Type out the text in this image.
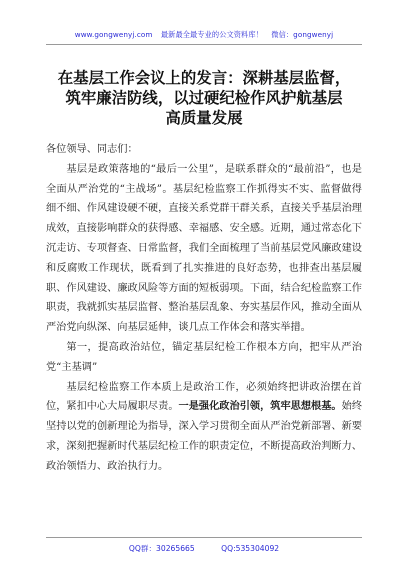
www.gongwenyj.com 最新最全最专业的公文资料库！ 微信：gongwenyj
在基层工作会议上的发言：深耕基层监督，
筑牢廉洁防线，以过硬纪检作风护航基层
高质量发展

各位领导、同志们：

基层是政策落地的“最后一公里”，是联系群众的“最前沿”，也是全面从严治党的“主战场”。基层纪检监察工作抓得实不实、监督做得细不细、作风建设硬不硬，直接关系党群干群关系，直接关乎基层治理成效，直接影响群众的获得感、幸福感、安全感。近期，通过常态化下沉走访、专项督查、日常监督，我们全面梳理了当前基层党风廉政建设和反腐败工作现状，既看到了扎实推进的良好态势，也排查出基层履职、作风建设、廉政风险等方面的短板弱项。下面，结合纪检监察工作职责，我就抓实基层监督、整治基层乱象、夯实基层作风，推动全面从严治党向纵深、向基层延伸，谈几点工作体会和落实举措。

第一，提高政治站位，锚定基层纪检工作根本方向，把牢从严治党“主基调”

基层纪检监察工作本质上是政治工作，必须始终把讲政治摆在首位，紧扣中心大局履职尽责。一是强化政治引领，筑牢思想根基。始终坚持以党的创新理论为指导，深入学习贯彻全面从严治党新部署、新要求，深刻把握新时代基层纪检工作的职责定位，不断提高政治判断力、政治领悟力、政治执行力。

QQ群：30265665	QQ:535304092
